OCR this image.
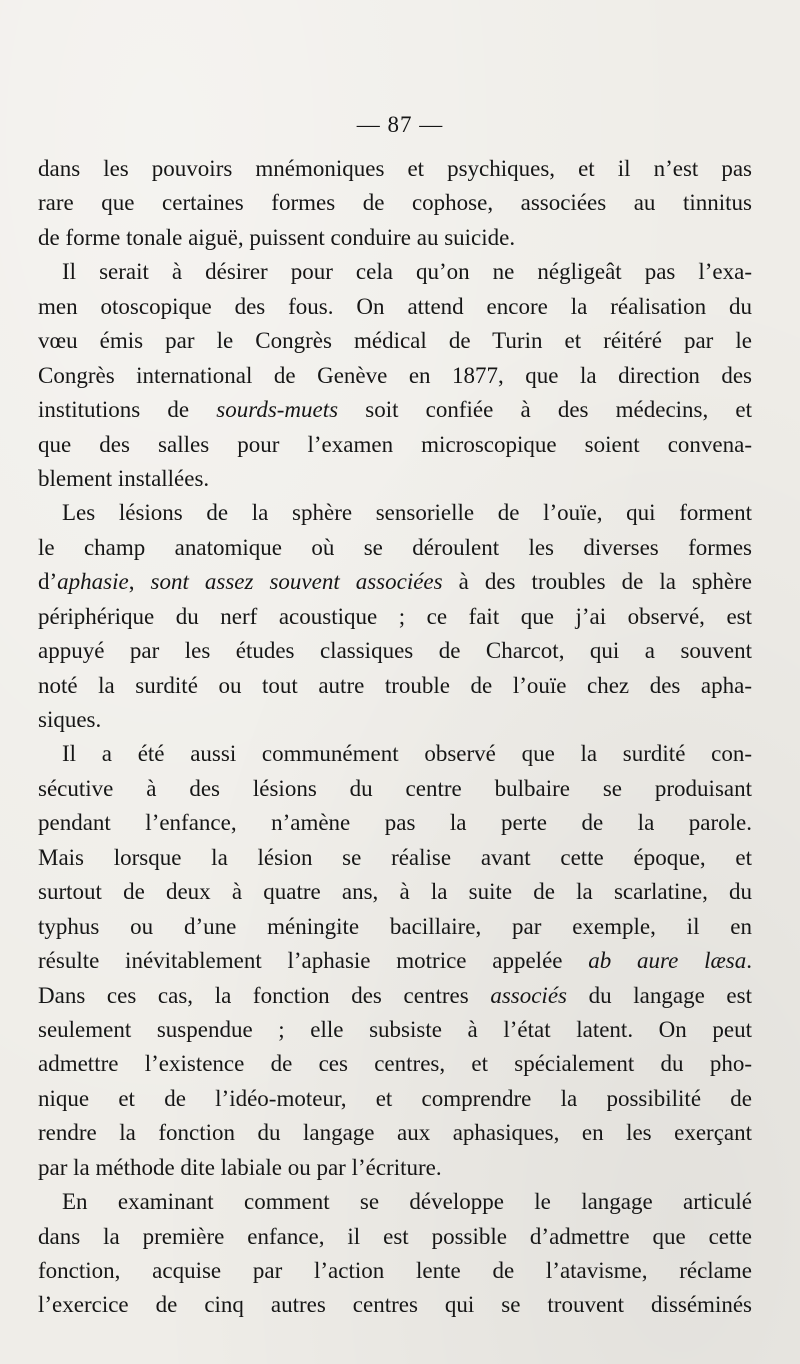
— 87 —
dans les pouvoirs mnémoniques et psychiques, et il n’est pas
rare que certaines formes de cophose, associées au tinnitus
de forme tonale aiguë, puissent conduire au suicide.
Il serait à désirer pour cela qu’on ne négligeât pas l’exa-
men otoscopique des fous. On attend encore la réalisation du
vœu émis par le Congrès médical de Turin et réitéré par le
Congrès international de Genève en 1877, que la direction des
institutions de sourds-muets soit confiée à des médecins, et
que des salles pour l’examen microscopique soient convena-
blement installées.
Les lésions de la sphère sensorielle de l’ouïe, qui forment
le champ anatomique où se déroulent les diverses formes
d’aphasie, sont assez souvent associées à des troubles de la sphère
périphérique du nerf acoustique ; ce fait que j’ai observé, est
appuyé par les études classiques de Charcot, qui a souvent
noté la surdité ou tout autre trouble de l’ouïe chez des apha-
siques.
Il a été aussi communément observé que la surdité con-
sécutive à des lésions du centre bulbaire se produisant
pendant l’enfance, n’amène pas la perte de la parole.
Mais lorsque la lésion se réalise avant cette époque, et
surtout de deux à quatre ans, à la suite de la scarlatine, du
typhus ou d’une méningite bacillaire, par exemple, il en
résulte inévitablement l’aphasie motrice appelée ab aure læsa.
Dans ces cas, la fonction des centres associés du langage est
seulement suspendue ; elle subsiste à l’état latent. On peut
admettre l’existence de ces centres, et spécialement du pho-
nique et de l’idéo-moteur, et comprendre la possibilité de
rendre la fonction du langage aux aphasiques, en les exerçant
par la méthode dite labiale ou par l’écriture.
En examinant comment se développe le langage articulé
dans la première enfance, il est possible d’admettre que cette
fonction, acquise par l’action lente de l’atavisme, réclame
l’exercice de cinq autres centres qui se trouvent disséminés
